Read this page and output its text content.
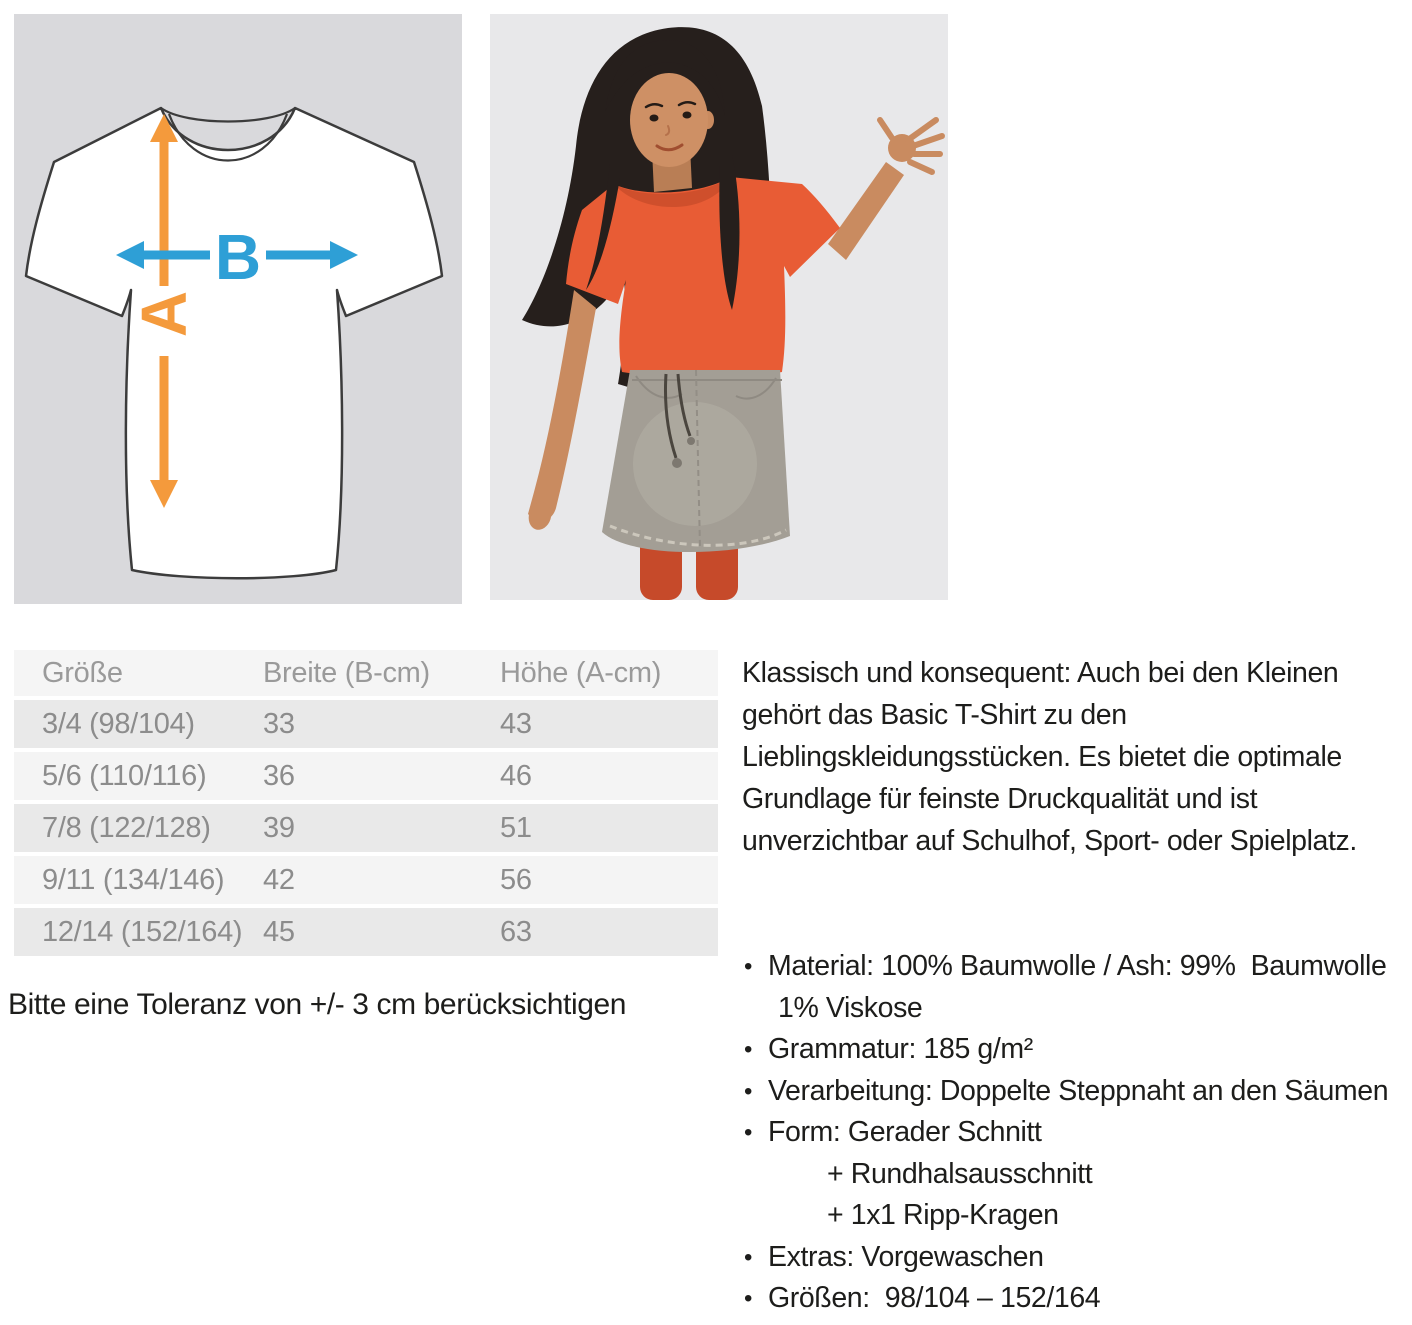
A
B
Größe	Breite (B-cm)	Höhe (A-cm)
3/4 (98/104)	33	43
5/6 (110/116)	36	46
7/8 (122/128)	39	51
9/11 (134/146)	42	56
12/14 (152/164) 45	63
Bitte eine Toleranz von +/- 3 cm berücksichtigen
Klassisch und konsequent: Auch bei den Kleinen
gehört das Basic T-Shirt zu den
Lieblingskleidungsstücken. Es bietet die optimale
Grundlage für feinste Druckqualität und ist
unverzichtbar auf Schulhof, Sport- oder Spielplatz.
• Material: 100% Baumwolle / Ash: 99%  Baumwolle
1% Viskose
• Grammatur: 185 g/m²
• Verarbeitung: Doppelte Steppnaht an den Säumen
• Form: Gerader Schnitt
+ Rundhalsausschnitt
+ 1x1 Ripp-Kragen
• Extras: Vorgewaschen
• Größen:  98/104 – 152/164
